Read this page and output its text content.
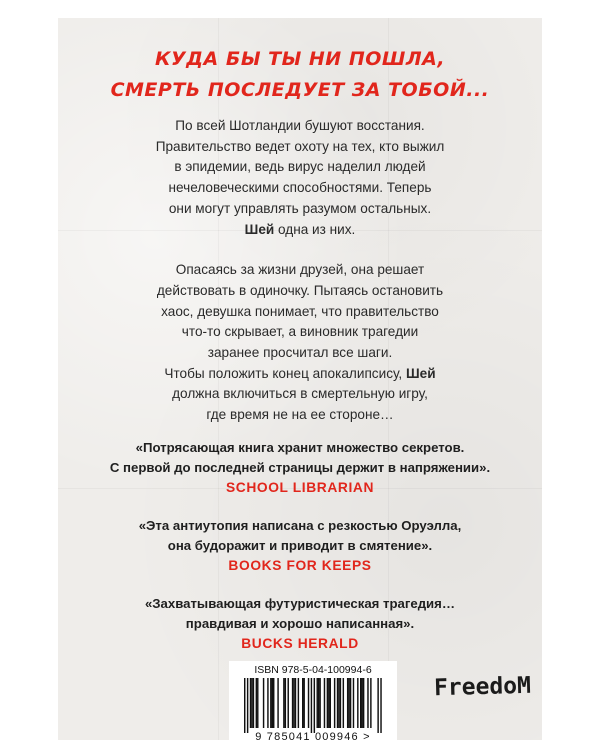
КУДА БЫ ТЫ НИ ПОШЛА,
СМЕРТЬ ПОСЛЕДУЕТ ЗА ТОБОЙ...
По всей Шотландии бушуют восстания.
Правительство ведет охоту на тех, кто выжил
в эпидемии, ведь вирус наделил людей
нечеловеческими способностями. Теперь
они могут управлять разумом остальных.
Шей одна из них.
Опасаясь за жизни друзей, она решает
действовать в одиночку. Пытаясь остановить
хаос, девушка понимает, что правительство
что-то скрывает, а виновник трагедии
заранее просчитал все шаги.
Чтобы положить конец апокалипсису, Шей
должна включиться в смертельную игру,
где время не на ее стороне…
«Потрясающая книга хранит множество секретов.
С первой до последней страницы держит в напряжении».
SCHOOL LIBRARIAN
«Эта антиутопия написана с резкостью Оруэлла,
она будоражит и приводит в смятение».
BOOKS FOR KEEPS
«Захватывающая футуристическая трагедия…
правдивая и хорошо написанная».
BUCKS HERALD
ISBN 978-5-04-100994-6
9 785041 009946 >
FreedoM
